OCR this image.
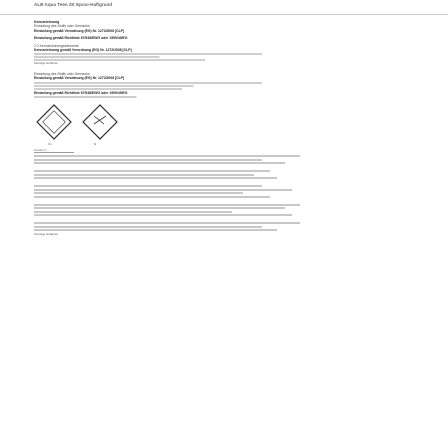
ALB Aqua Teen 2K Epoxi-Haftgrund
Kennzeichnung
Einstufung des Stoffs oder Gemischs
Einstufung gemäß Verordnung (EG) Nr. 1272/2008 [CLP]
Einstufung gemäß Richtlinie 67/548/EWG oder 1999/45/EG
2.2 Kennzeichnungselemente
Kennzeichnung gemäß Verordnung (EG) Nr. 1272/2008 [CLP]
Sonstige Gefahren
Einstufung des Stoffs oder Gemischs
Einstufung gemäß Verordnung (EG) Nr. 1272/2008 [CLP]
Einstufung gemäß Richtlinie 67/548/EWG oder 1999/45/EG
Xn	N
Gefahren
Sonstige Gefahren
